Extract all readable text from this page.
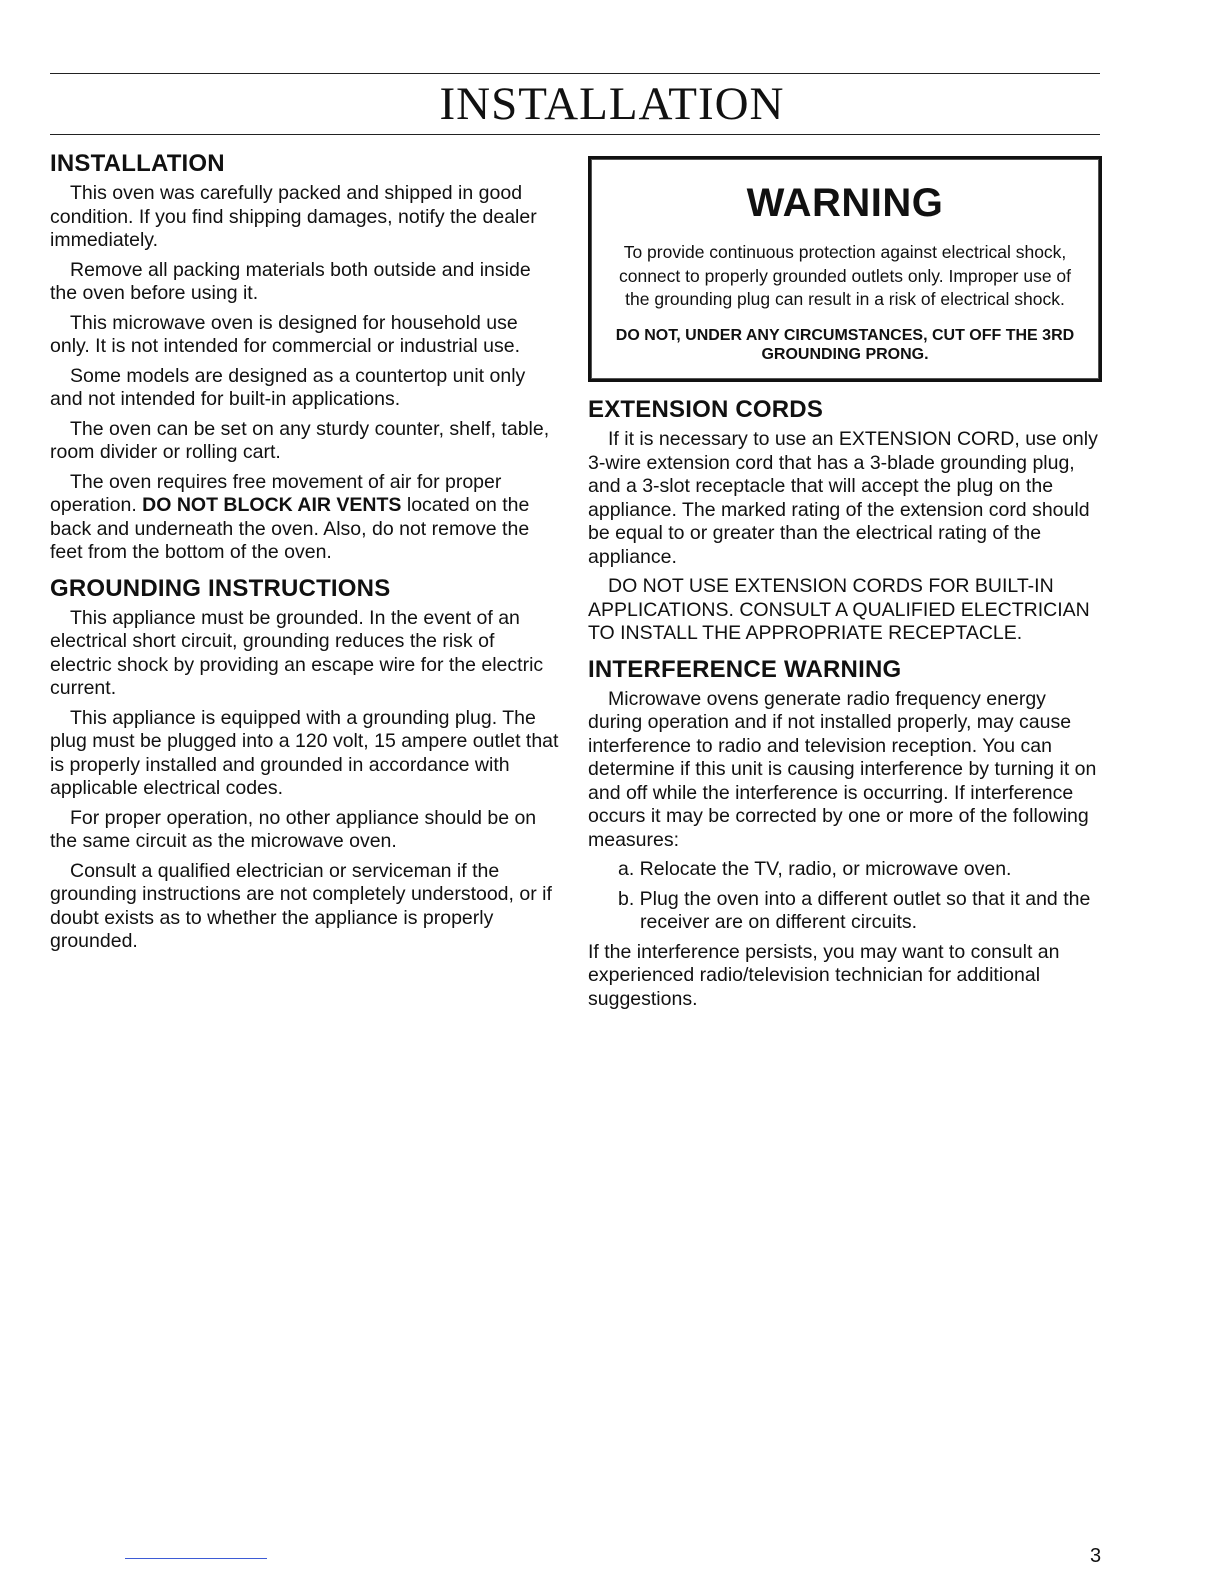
INSTALLATION
INSTALLATION

This oven was carefully packed and shipped in good condition. If you find shipping damages, notify the dealer immediately.

Remove all packing materials both outside and inside the oven before using it.

This microwave oven is designed for household use only. It is not intended for commercial or industrial use.

Some models are designed as a countertop unit only and not intended for built-in applications.

The oven can be set on any sturdy counter, shelf, table, room divider or rolling cart.

The oven requires free movement of air for proper operation. DO NOT BLOCK AIR VENTS located on the back and underneath the oven. Also, do not remove the feet from the bottom of the oven.

GROUNDING INSTRUCTIONS

This appliance must be grounded. In the event of an electrical short circuit, grounding reduces the risk of electric shock by providing an escape wire for the electric current.

This appliance is equipped with a grounding plug. The plug must be plugged into a 120 volt, 15 ampere outlet that is properly installed and grounded in accordance with applicable electrical codes.

For proper operation, no other appliance should be on the same circuit as the microwave oven.

Consult a qualified electrician or serviceman if the grounding instructions are not completely understood, or if doubt exists as to whether the appliance is properly grounded.

WARNING
To provide continuous protection against electrical shock, connect to properly grounded outlets only. Improper use of the grounding plug can result in a risk of electrical shock.
DO NOT, UNDER ANY CIRCUMSTANCES, CUT OFF THE 3RD GROUNDING PRONG.
EXTENSION CORDS

If it is necessary to use an EXTENSION CORD, use only 3-wire extension cord that has a 3-blade grounding plug, and a 3-slot receptacle that will accept the plug on the appliance. The marked rating of the extension cord should be equal to or greater than the electrical rating of the appliance.

DO NOT USE EXTENSION CORDS FOR BUILT-IN APPLICATIONS. CONSULT A QUALIFIED ELECTRICIAN TO INSTALL THE APPROPRIATE RECEPTACLE.

INTERFERENCE WARNING

Microwave ovens generate radio frequency energy during operation and if not installed properly, may cause interference to radio and television reception. You can determine if this unit is causing interference by turning it on and off while the interference is occurring. If interference occurs it may be corrected by one or more of the following measures:

a. Relocate the TV, radio, or microwave oven.
b. Plug the oven into a different outlet so that it and the receiver are on different circuits.

If the interference persists, you may want to consult an experienced radio/television technician for additional suggestions.

3
